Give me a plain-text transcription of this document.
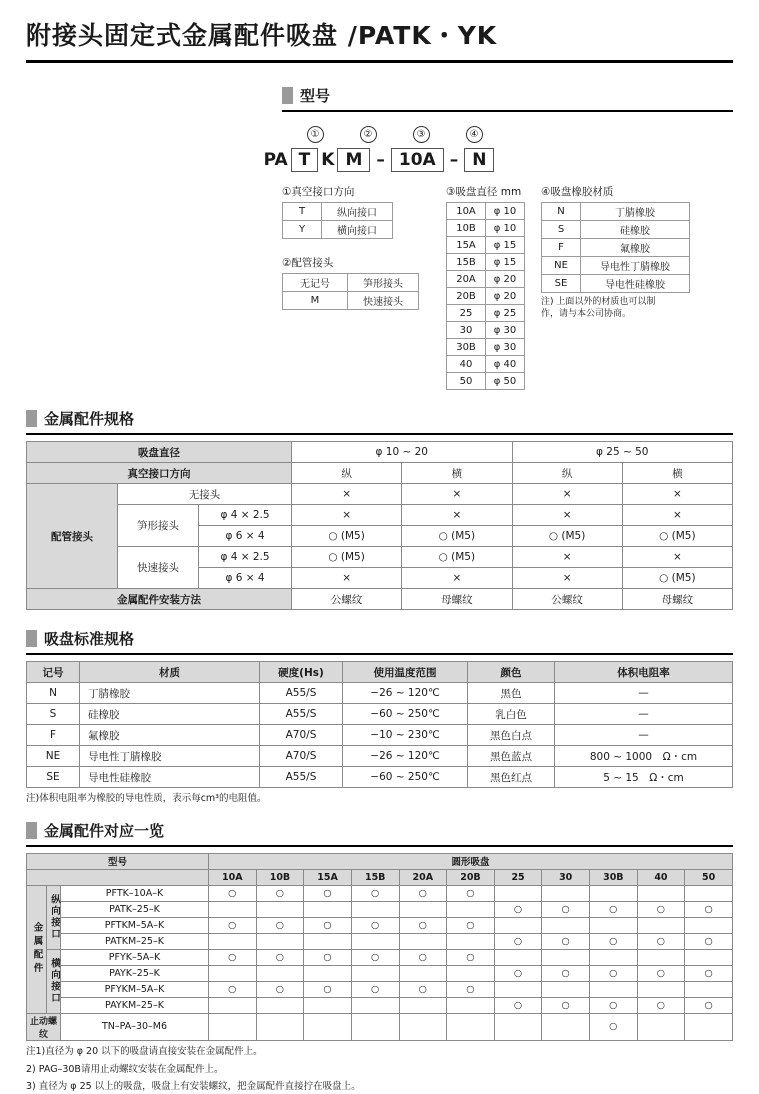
附接头固定式金属配件吸盘 /PATK・YK
型号
①	②	③	④
PA T K M – 10A – N
①真空接口方向
T	纵向接口
Y	横向接口
②配管接头
无记号	笋形接头
M	快速接头
③吸盘直径 mm
10A	φ 10
10B	φ 10
15A	φ 15
15B	φ 15
20A	φ 20
20B	φ 20
25	φ 25
30	φ 30
30B	φ 30
40	φ 40
50	φ 50
④吸盘橡胶材质
N	丁腈橡胶
S	硅橡胶
F	氟橡胶
NE	导电性丁腈橡胶
SE	导电性硅橡胶
注) 上面以外的材质也可以制作，请与本公司协商。
金属配件规格
吸盘直径			φ 10 ~ 20		φ 25 ~ 50	
真空接口方向			纵	横	纵	横
配管接头	无接头		×	×	×	×
	笋形接头	φ 4 × 2.5	×	×	×	×
		φ 6 × 4	○ (M5)	○ (M5)	○ (M5)	○ (M5)
	快速接头	φ 4 × 2.5	○ (M5)	○ (M5)	×	×
		φ 6 × 4	×	×	×	○ (M5)
金属配件安装方法			公螺纹	母螺纹	公螺纹	母螺纹
吸盘标准规格
记号	材质	硬度(Hs)	使用温度范围	颜色	体积电阻率
N	丁腈橡胶	A55/S	−26 ~ 120℃	黑色	—
S	硅橡胶	A55/S	−60 ~ 250℃	乳白色	—
F	氟橡胶	A70/S	−10 ~ 230℃	黑色白点	—
NE	导电性丁腈橡胶	A70/S	−26 ~ 120℃	黑色蓝点	800 ~ 1000　Ω・cm
SE	导电性硅橡胶	A55/S	−60 ~ 250℃	黑色红点	5 ~ 15　Ω・cm
注)体积电阻率为橡胶的导电性质，表示每cm³的电阻值。
金属配件对应一览
型号			圆形吸盘										
			10A	10B	15A	15B	20A	20B	25	30	30B	40	50

金属配件	纵向接口	PFTK–10A–K	○	○	○	○	○	○					
		PATK–25–K							○	○	○	○	○
		PFTKM–5A–K	○	○	○	○	○	○					
		PATKM–25–K							○	○	○	○	○

	横向接口	PFYK–5A–K	○	○	○	○	○	○					
		PAYK–25–K							○	○	○	○	○
		PFYKM–5A–K	○	○	○	○	○	○					
		PAYKM–25–K							○	○	○	○	○
止动螺纹		TN–PA–30–M6									○		
注1)直径为 φ 20 以下的吸盘请直接安装在金属配件上。
2) PAG–30B请用止动螺纹安装在金属配件上。
3) 直径为 φ 25 以上的吸盘，吸盘上有安装螺纹，把金属配件直接拧在吸盘上。
